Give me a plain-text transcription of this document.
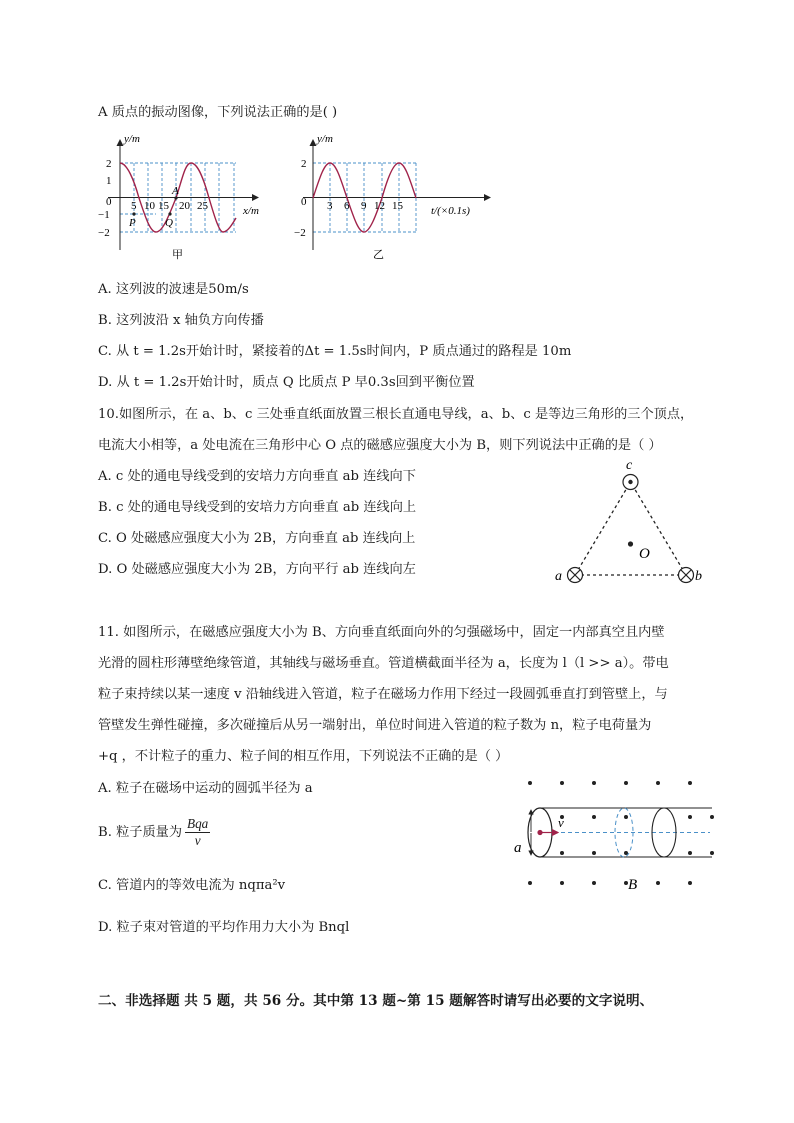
A 质点的振动图像，下列说法正确的是( )
y/m
x/m
2
1
0
−1
−2
5 10 15 20 25
A
P	Q
甲
y/m
t/(×0.1s)
2
0
−2
3 6 9 12 15
乙
A. 这列波的波速是50m/s
B. 这列波沿 x 轴负方向传播
C. 从 t = 1.2s开始计时，紧接着的Δt = 1.5s时间内，P 质点通过的路程是 10m
D. 从 t = 1.2s开始计时，质点 Q 比质点 P 早0.3s回到平衡位置
10.如图所示，在 a、b、c 三处垂直纸面放置三根长直通电导线，a、b、c 是等边三角形的三个顶点，
电流大小相等，a 处电流在三角形中心 O 点的磁感应强度大小为 B，则下列说法中正确的是（ ）
A. c 处的通电导线受到的安培力方向垂直 ab 连线向下
B. c 处的通电导线受到的安培力方向垂直 ab 连线向上
C. O 处磁感应强度大小为 2B，方向垂直 ab 连线向上
D. O 处磁感应强度大小为 2B，方向平行 ab 连线向左
c
O
a	b
11. 如图所示，在磁感应强度大小为 B、方向垂直纸面向外的匀强磁场中，固定一内部真空且内壁
光滑的圆柱形薄壁绝缘管道，其轴线与磁场垂直。管道横截面半径为 a，长度为 l（l >> a）。带电
粒子束持续以某一速度 v 沿轴线进入管道，粒子在磁场力作用下经过一段圆弧垂直打到管壁上，与
管壁发生弹性碰撞，多次碰撞后从另一端射出，单位时间进入管道的粒子数为 n，粒子电荷量为
+q ，不计粒子的重力、粒子间的相互作用，下列说法不正确的是（ ）
A. 粒子在磁场中运动的圆弧半径为 a
B. 粒子质量为
Bqa
v
C. 管道内的等效电流为 nqπa²v
D. 粒子束对管道的平均作用力大小为 Bnql
a
v
B
二、非选择题 共 5 题，共 56 分。其中第 13 题~第 15 题解答时请写出必要的文字说明、
